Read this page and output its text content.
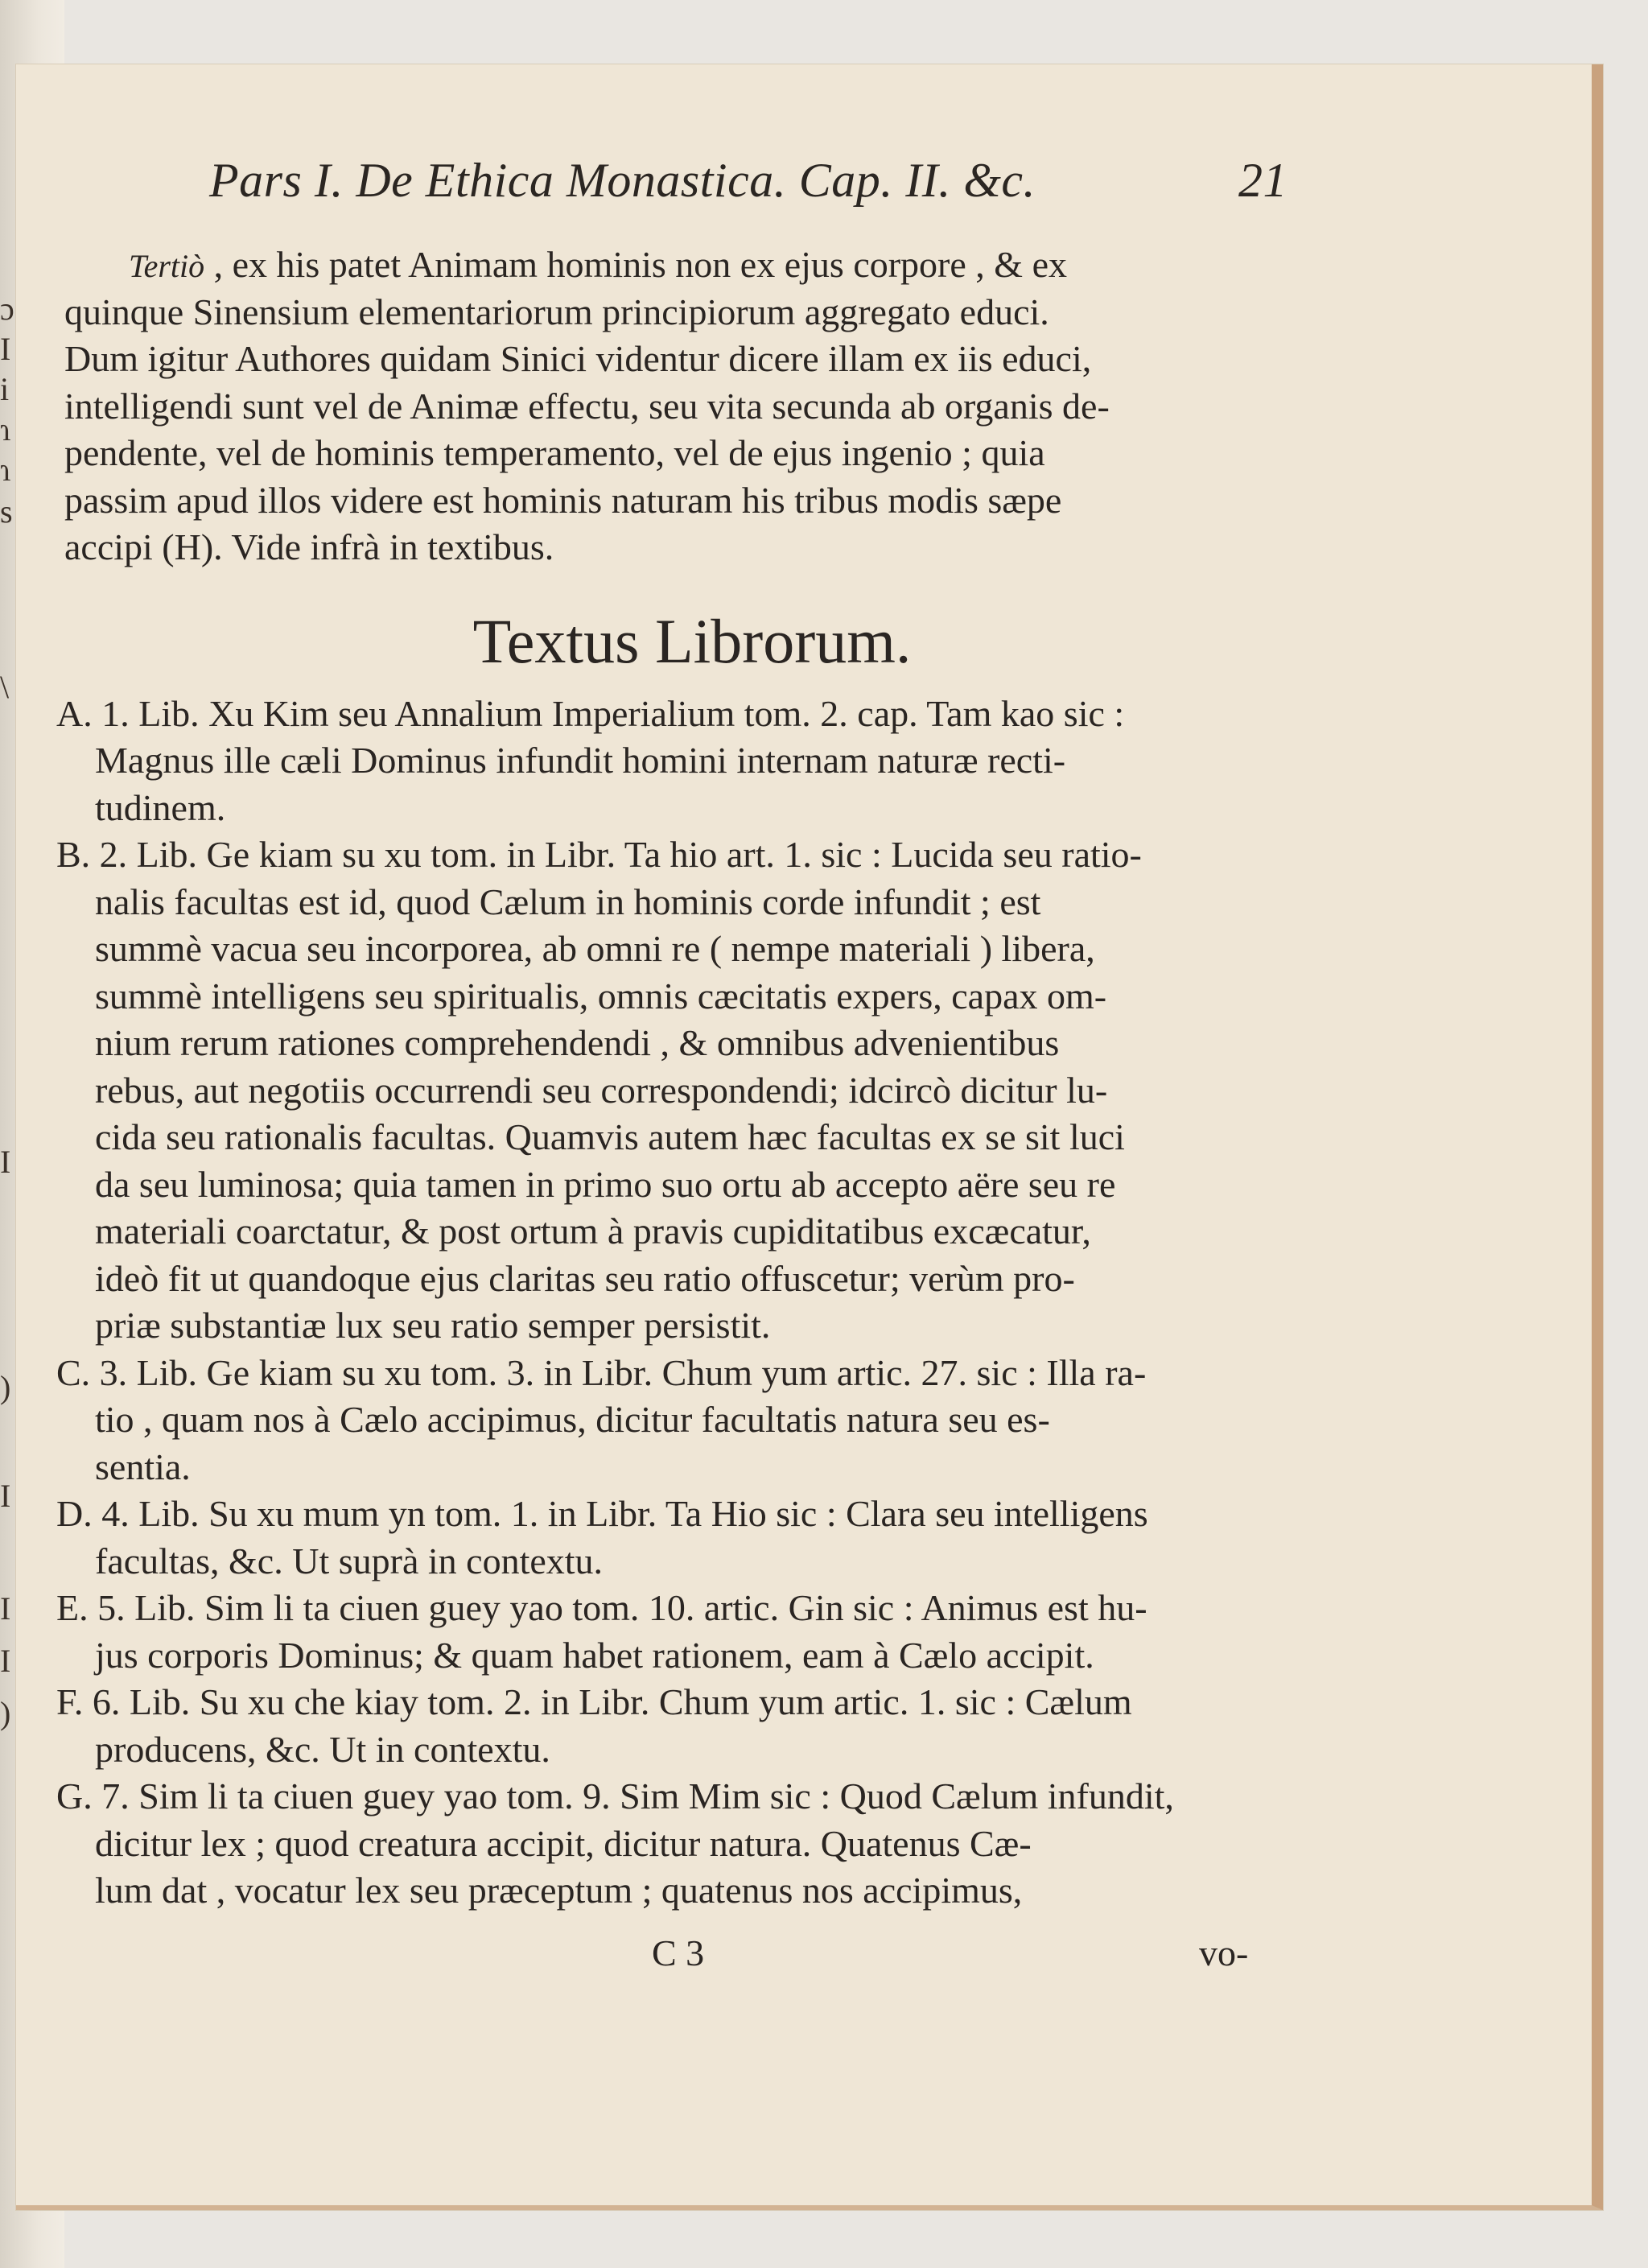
Pars I. De Ethica Monastica. Cap. II. &c.	21
Tertiò , ex his patet Animam hominis non ex ejus corpore , & ex
quinque Sinensium elementariorum principiorum aggregato educi.
Dum igitur Authores quidam Sinici videntur dicere illam ex iis educi,
intelligendi sunt vel de Animæ effectu, seu vita secunda ab organis de-
pendente, vel de hominis temperamento, vel de ejus ingenio ; quia
passim apud illos videre est hominis naturam his tribus modis sæpe
accipi (H). Vide infrà in textibus.
Textus Librorum.
A. 1. Lib. Xu Kim seu Annalium Imperialium tom. 2. cap. Tam kao sic :
Magnus ille cæli Dominus infundit homini internam naturæ recti-
tudinem.
B. 2. Lib. Ge kiam su xu tom. in Libr. Ta hio art. 1. sic : Lucida seu ratio-
nalis facultas est id, quod Cælum in hominis corde infundit ; est
summè vacua seu incorporea, ab omni re ( nempe materiali ) libera,
summè intelligens seu spiritualis, omnis cæcitatis expers, capax om-
nium rerum rationes comprehendendi , & omnibus advenientibus
rebus, aut negotiis occurrendi seu correspondendi; idcircò dicitur lu-
cida seu rationalis facultas. Quamvis autem hæc facultas ex se sit luci
da seu luminosa; quia tamen in primo suo ortu ab accepto aëre seu re
materiali coarctatur, & post ortum à pravis cupiditatibus excæcatur,
ideò fit ut quandoque ejus claritas seu ratio offuscetur; verùm pro-
priæ substantiæ lux seu ratio semper persistit.
C. 3. Lib. Ge kiam su xu tom. 3. in Libr. Chum yum artic. 27. sic : Illa ra-
tio , quam nos à Cælo accipimus, dicitur facultatis natura seu es-
sentia.
D. 4. Lib. Su xu mum yn tom. 1. in Libr. Ta Hio sic : Clara seu intelligens
facultas, &c. Ut suprà in contextu.
E. 5. Lib. Sim li ta ciuen guey yao tom. 10. artic. Gin sic : Animus est hu-
jus corporis Dominus; & quam habet rationem, eam à Cælo accipit.
F. 6. Lib. Su xu che kiay tom. 2. in Libr. Chum yum artic. 1. sic : Cælum
producens, &c. Ut in contextu.
G. 7. Sim li ta ciuen guey yao tom. 9. Sim Mim sic : Quod Cælum infundit,
dicitur lex ; quod creatura accipit, dicitur natura. Quatenus Cæ-
lum dat , vocatur lex seu præceptum ; quatenus nos accipimus,
C 3	vo-
ɔ
I
i
ɿ
ɿ
s
\
I
)
I
I
I
)
